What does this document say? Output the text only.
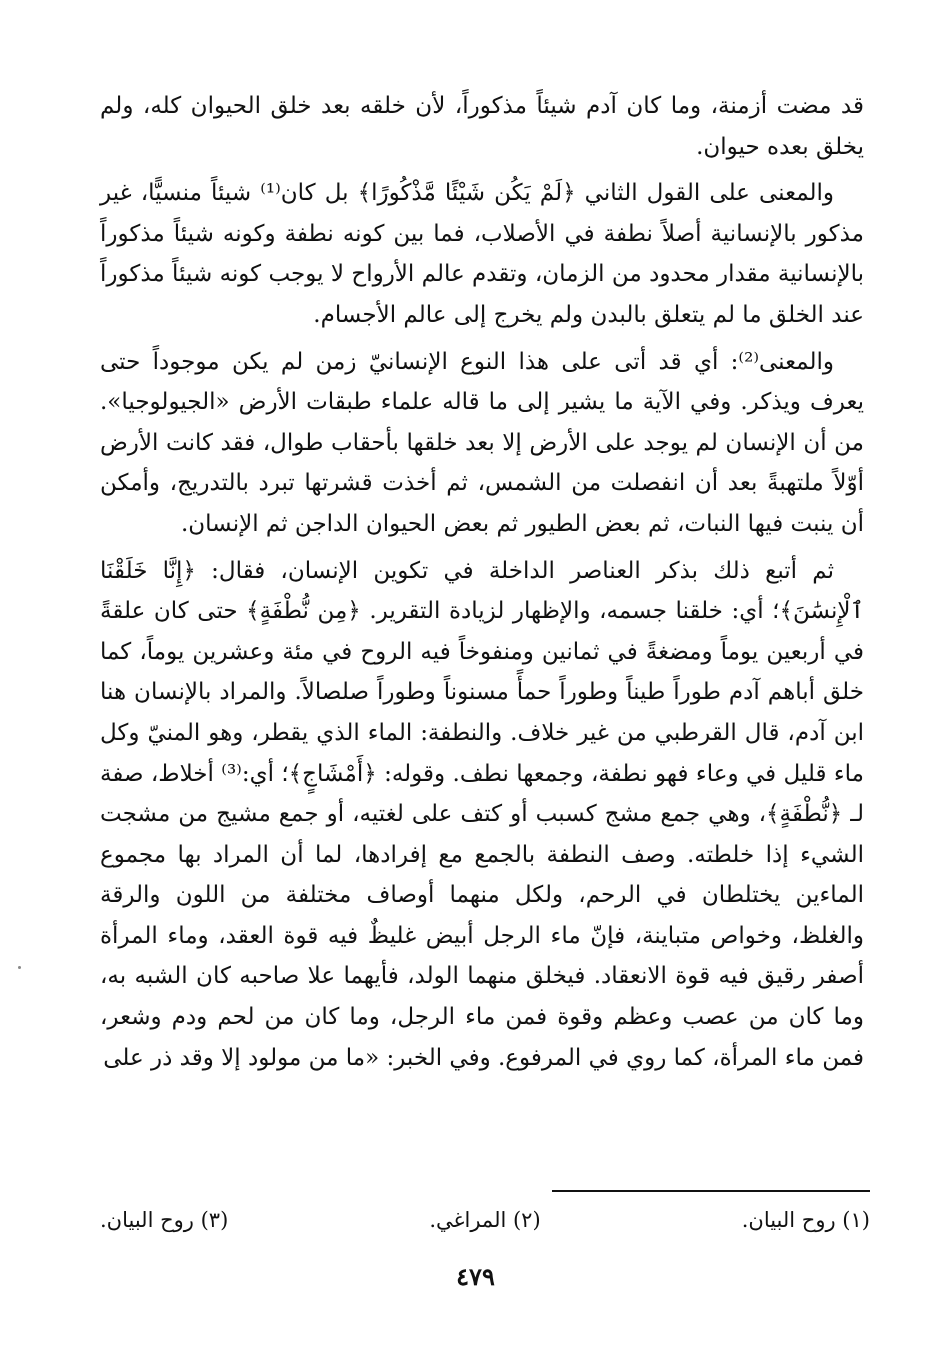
قد مضت أزمنة، وما كان آدم شيئاً مذكوراً، لأن خلقه بعد خلق الحيوان كله، ولم يخلق بعده حيوان.

والمعنى على القول الثاني ﴿لَمْ يَكُن شَيْئًا مَّذْكُورًا﴾ بل كان⁽¹⁾ شيئاً منسيًّا، غير مذكور بالإنسانية أصلاً نطفة في الأصلاب، فما بين كونه نطفة وكونه شيئاً مذكوراً بالإنسانية مقدار محدود من الزمان، وتقدم عالم الأرواح لا يوجب كونه شيئاً مذكوراً عند الخلق ما لم يتعلق بالبدن ولم يخرج إلى عالم الأجسام.

والمعنى⁽²⁾: أي قد أتى على هذا النوع الإنسانيّ زمن لم يكن موجوداً حتى يعرف ويذكر. وفي الآية ما يشير إلى ما قاله علماء طبقات الأرض «الجيولوجيا». من أن الإنسان لم يوجد على الأرض إلا بعد خلقها بأحقاب طوال، فقد كانت الأرض أوّلاً ملتهبةً بعد أن انفصلت من الشمس، ثم أخذت قشرتها تبرد بالتدريج، وأمكن أن ينبت فيها النبات، ثم بعض الطيور ثم بعض الحيوان الداجن ثم الإنسان.

ثم أتبع ذلك بذكر العناصر الداخلة في تكوين الإنسان، فقال: ﴿إِنَّا خَلَقْنَا ٱلْإِنسَٰنَ﴾؛ أي: خلقنا جسمه، والإظهار لزيادة التقرير. ﴿مِن نُّطْفَةٍ﴾ حتى كان علقةً في أربعين يوماً ومضغةً في ثمانين ومنفوخاً فيه الروح في مئة وعشرين يوماً، كما خلق أباهم آدم طوراً طيناً وطوراً حمأً مسنوناً وطوراً صلصالاً. والمراد بالإنسان هنا ابن آدم، قال القرطبي من غير خلاف. والنطفة: الماء الذي يقطر، وهو المنيّ وكل ماء قليل في وعاء فهو نطفة، وجمعها نطف. وقوله: ﴿أَمْشَاجٍ﴾؛ أي:⁽³⁾ أخلاط، صفة لـ ﴿نُّطْفَةٍ﴾، وهي جمع مشج كسبب أو كتف على لغتيه، أو جمع مشيج من مشجت الشيء إذا خلطته. وصف النطفة بالجمع مع إفرادها، لما أن المراد بها مجموع الماءين يختلطان في الرحم، ولكل منهما أوصاف مختلفة من اللون والرقة والغلظ، وخواص متباينة، فإنّ ماء الرجل أبيض غليظٌ فيه قوة العقد، وماء المرأة أصفر رقيق فيه قوة الانعقاد. فيخلق منهما الولد، فأيهما علا صاحبه كان الشبه به، وما كان من عصب وعظم وقوة فمن ماء الرجل، وما كان من لحم ودم وشعر، فمن ماء المرأة، كما روي في المرفوع. وفي الخبر: «ما من مولود إلا وقد ذر على

(١) روح البيان.
(٢) المراغي.
(٣) روح البيان.
٤٧٩
